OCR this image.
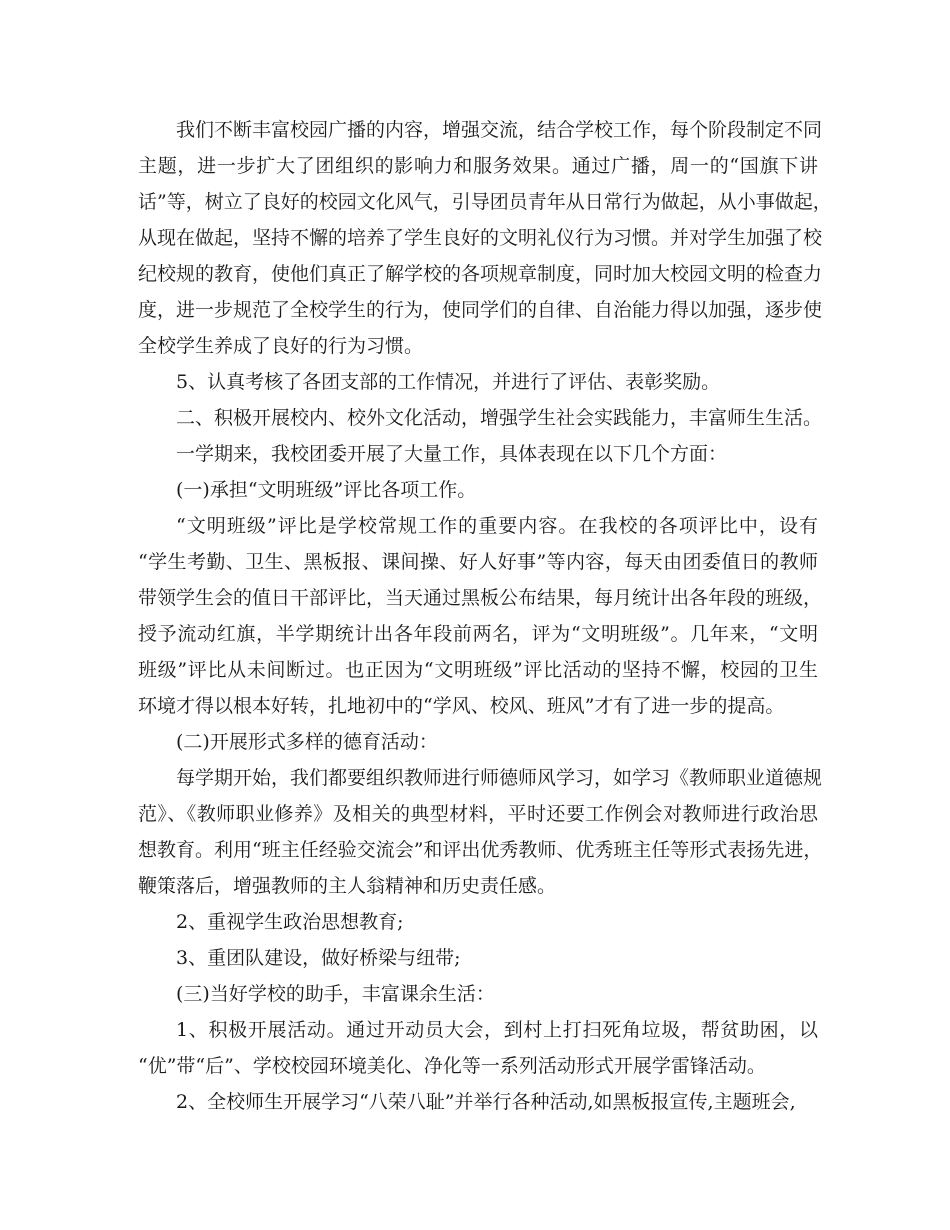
我们不断丰富校园广播的内容，增强交流，结合学校工作，每个阶段制定不同
主题，进一步扩大了团组织的影响力和服务效果。通过广播，周一的“国旗下讲
话”等，树立了良好的校园文化风气，引导团员青年从日常行为做起，从小事做起，
从现在做起，坚持不懈的培养了学生良好的文明礼仪行为习惯。并对学生加强了校
纪校规的教育，使他们真正了解学校的各项规章制度，同时加大校园文明的检查力
度，进一步规范了全校学生的行为，使同学们的自律、自治能力得以加强，逐步使
全校学生养成了良好的行为习惯。
5、认真考核了各团支部的工作情况，并进行了评估、表彰奖励。
二、积极开展校内、校外文化活动，增强学生社会实践能力，丰富师生生活。
一学期来，我校团委开展了大量工作，具体表现在以下几个方面：
(一)承担“文明班级”评比各项工作。
“文明班级”评比是学校常规工作的重要内容。在我校的各项评比中，设有
“学生考勤、卫生、黑板报、课间操、好人好事”等内容，每天由团委值日的教师
带领学生会的值日干部评比，当天通过黑板公布结果，每月统计出各年段的班级，
授予流动红旗，半学期统计出各年段前两名，评为“文明班级”。几年来，“文明
班级”评比从未间断过。也正因为“文明班级”评比活动的坚持不懈，校园的卫生
环境才得以根本好转，扎地初中的“学风、校风、班风”才有了进一步的提高。
(二)开展形式多样的德育活动：
每学期开始，我们都要组织教师进行师德师风学习，如学习《教师职业道德规
范》、《教师职业修养》及相关的典型材料，平时还要工作例会对教师进行政治思
想教育。利用“班主任经验交流会”和评出优秀教师、优秀班主任等形式表扬先进，
鞭策落后，增强教师的主人翁精神和历史责任感。
2、重视学生政治思想教育;
3、重团队建设，做好桥梁与纽带;
(三)当好学校的助手，丰富课余生活：
1、积极开展活动。通过开动员大会，到村上打扫死角垃圾，帮贫助困，以
“优”带“后”、学校校园环境美化、净化等一系列活动形式开展学雷锋活动。
2、全校师生开展学习“八荣八耻”并举行各种活动,如黑板报宣传,主题班会,
